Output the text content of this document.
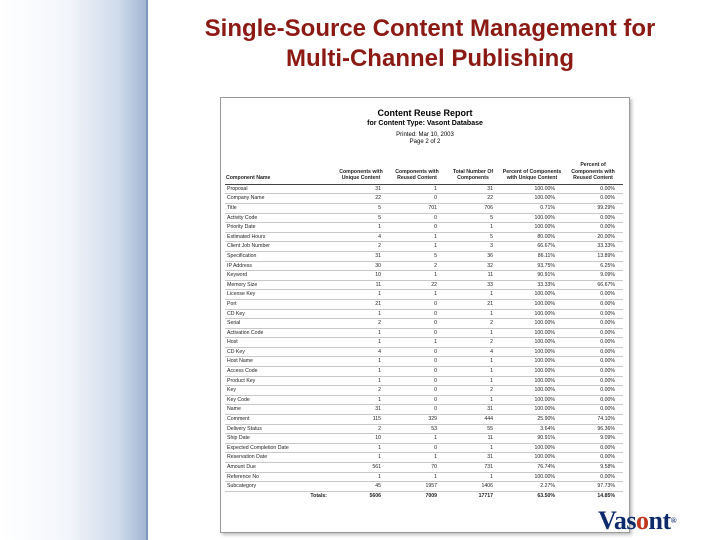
Single-Source Content Management for
Multi-Channel Publishing
Content Reuse Report
for Content Type: Vasont Database
Printed: Mar 10, 2003
Page 2 of 2
Component Name	Components with Unique Content	Components with Reused Content	Total Number Of Components	Percent of Components with Unique Content	Percent of Components with Reused Content
Proposal	31	1	31	100.00%	0.00%
Company Name	22	0	22	100.00%	0.00%
Title	5	701	706	0.71%	99.29%
Activity Code	5	0	5	100.00%	0.00%
Priority Date	1	0	1	100.00%	0.00%
Estimated Hours	4	1	5	80.00%	20.00%
Client Job Number	2	1	3	66.67%	33.33%
Specification	31	5	36	86.11%	13.89%
IP Address	30	2	32	93.75%	6.25%
Keyword	10	1	11	90.91%	9.09%
Memory Size	11	22	33	33.33%	66.67%
License Key	1	1	1	100.00%	0.00%
Port	21	0	21	100.00%	0.00%
CD Key	1	0	1	100.00%	0.00%
Serial	2	0	2	100.00%	0.00%
Activation Code	1	0	1	100.00%	0.00%
Host	1	1	2	100.00%	0.00%
CD Key	4	0	4	100.00%	0.00%
Host Name	1	0	1	100.00%	0.00%
Access Code	1	0	1	100.00%	0.00%
Product Key	1	0	1	100.00%	0.00%
Key	2	0	2	100.00%	0.00%
Key Code	1	0	1	100.00%	0.00%
Name	31	0	31	100.00%	0.00%
Comment	115	329	444	25.90%	74.10%
Delivery Status	2	53	55	3.64%	96.36%
Ship Date	10	1	11	90.91%	9.09%
Expected Completion Date	1	0	1	100.00%	0.00%
Reservation Date	1	1	31	100.00%	0.00%
Amount Due	561	70	731	76.74%	9.58%
Reference No	1	1	1	100.00%	0.00%
Subcategory	45	1957	1406	2.27%	97.73%
Totals:	5606	7009	17717	63.50%	14.85%
Vasont®
